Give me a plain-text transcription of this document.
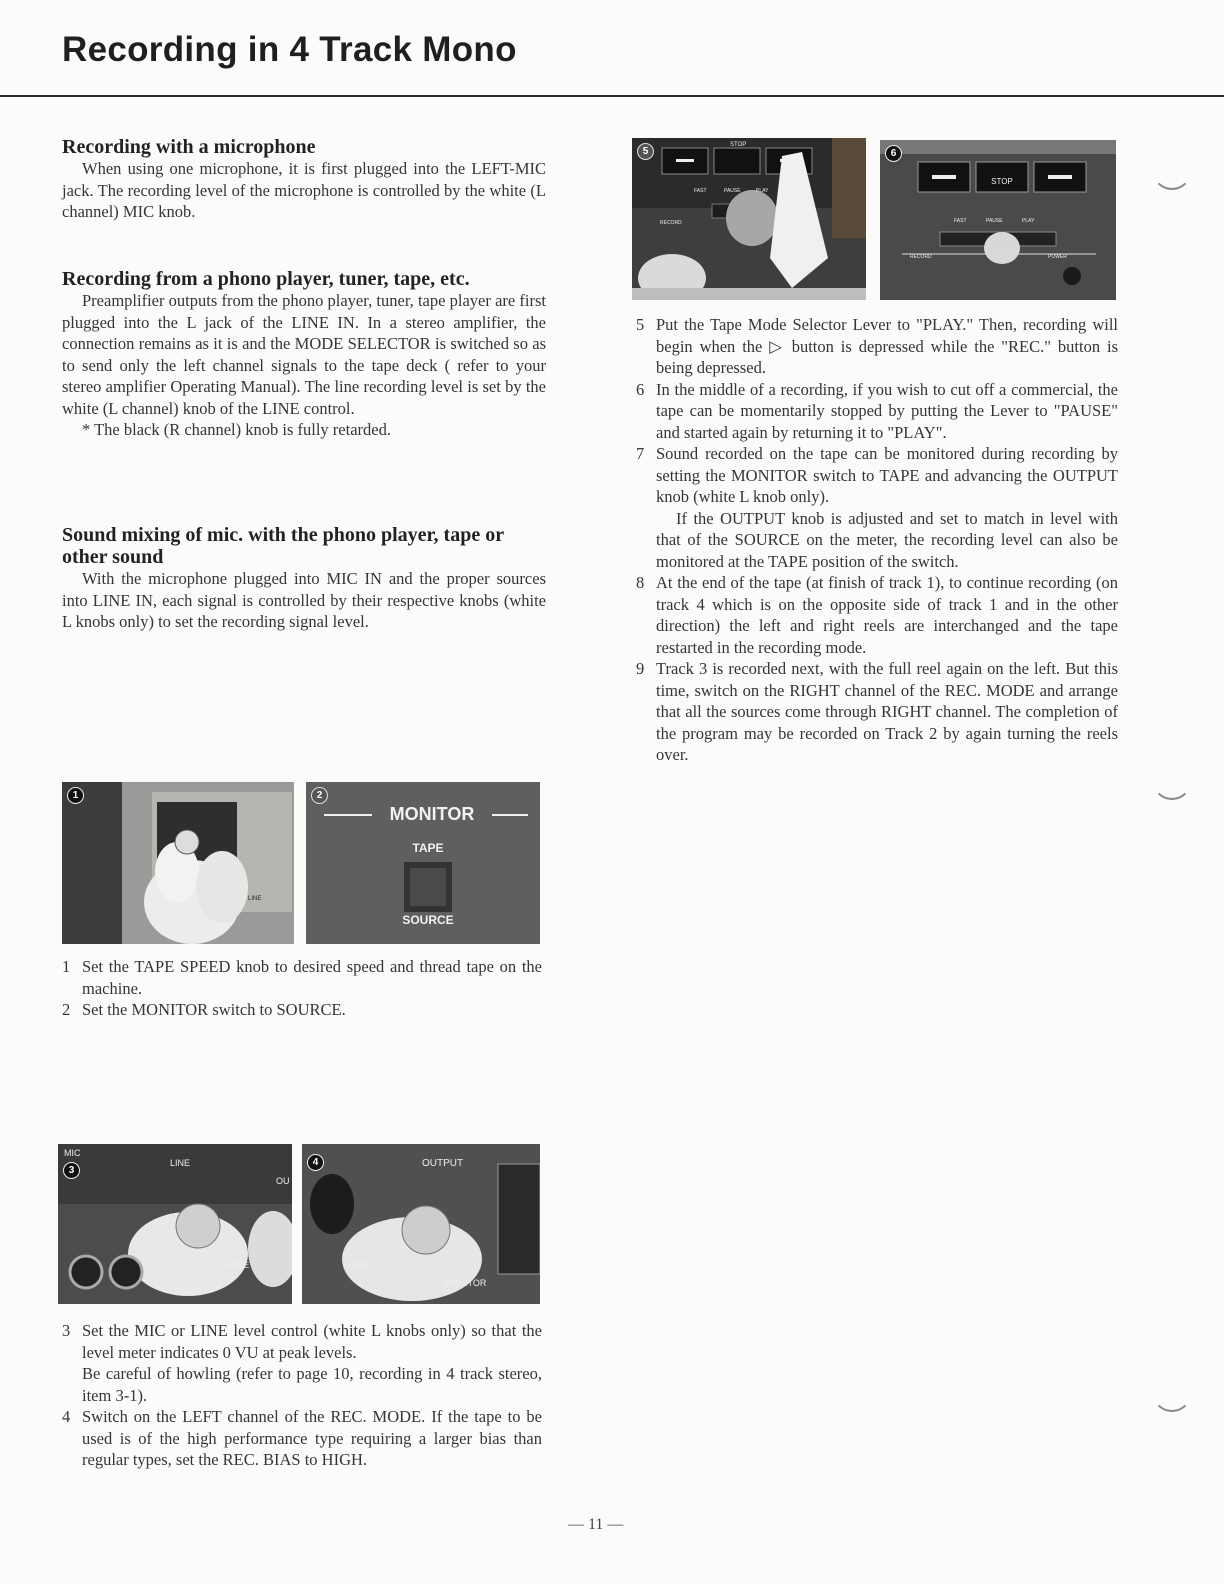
Recording in 4 Track Mono
Recording with a microphone

When using one microphone, it is first plugged into the LEFT-MIC jack. The recording level of the microphone is controlled by the white (L channel) MIC knob.

Recording from a phono player, tuner, tape, etc.

Preamplifier outputs from the phono player, tuner, tape player are first plugged into the L jack of the LINE IN. In a stereo amplifier, the connection remains as it is and the MODE SELECTOR is switched so as to send only the left channel signals to the tape deck ( refer to your stereo amplifier Operating Manual). The line recording level is set by the white (L channel) knob of the LINE control.

* The black (R channel) knob is fully retarded.
Sound mixing of mic. with the phono player, tape or other sound

With the microphone plugged into MIC IN and the proper sources into LINE IN, each signal is controlled by their respective knobs (white L knobs only) to set the recording signal level.

LINE
1
MONITOR
TAPE
SOURCE
2
1 Set the TAPE SPEED knob to desired speed and thread tape on the machine.

2 Set the MONITOR switch to SOURCE.

MIC
LINE
OU
R
HONE
3
OUTPUT
PHON
MONITOR
4
3 Set the MIC or LINE level control (white L knobs only) so that the level meter indicates 0 VU at peak levels.

Be careful of howling (refer to page 10, recording in 4 track stereo, item 3-1).

4 Switch on the LEFT channel of the REC. MODE. If the tape to be used is of the high performance type requiring a larger bias than regular types, set the REC. BIAS to HIGH.

STOP
FAST	PAUSE	PLAY
RECORD
5
STOP
FAST	PAUSE	PLAY
RECORD	POWER
6
5 Put the Tape Mode Selector Lever to "PLAY." Then, recording will begin when the ▷ button is depressed while the "REC." button is being depressed.

6 In the middle of a recording, if you wish to cut off a commercial, the tape can be momentarily stopped by putting the Lever to "PAUSE" and started again by returning it to "PLAY".

7 Sound recorded on the tape can be monitored during recording by setting the MONITOR switch to TAPE and advancing the OUTPUT knob (white L knob only).

If the OUTPUT knob is adjusted and set to match in level with that of the SOURCE on the meter, the recording level can also be monitored at the TAPE position of the switch.

8 At the end of the tape (at finish of track 1), to continue recording (on track 4 which is on the opposite side of track 1 and in the other direction) the left and right reels are interchanged and the tape restarted in the recording mode.

9 Track 3 is recorded next, with the full reel again on the left. But this time, switch on the RIGHT channel of the REC. MODE and arrange that all the sources come through RIGHT channel. The completion of the program may be recorded on Track 2 by again turning the reels over.

— 11 —
